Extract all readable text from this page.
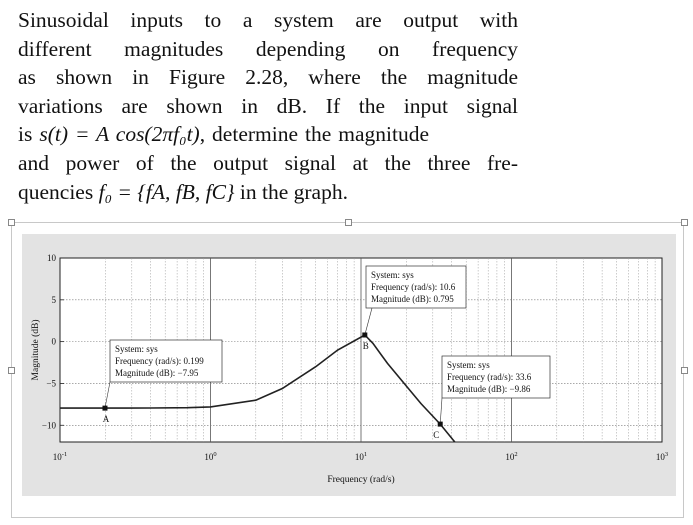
Sinusoidal inputs to a system are output with
different magnitudes depending on frequency
as shown in Figure 2.28, where the magnitude
variations are shown in dB. If the input signal
is s(t) = A cos(2πf₀t), determine the magnitude
and power of the output signal at the three fre-
quencies f₀ = {fA, fB, fC} in the graph.
10
5
0
−5
−10
$10^{-1}$	$10^0$	$10^1$	$10^2$	$10^3$
System: sys
Frequency (rad/s): 0.199
Magnitude (dB): −7.95
System: sys
Frequency (rad/s): 10.6
Magnitude (dB): 0.795
System: sys
Frequency (rad/s): 33.6
Magnitude (dB): −9.86
A
B
C
Frequency (rad/s)
Magnitude (dB)
